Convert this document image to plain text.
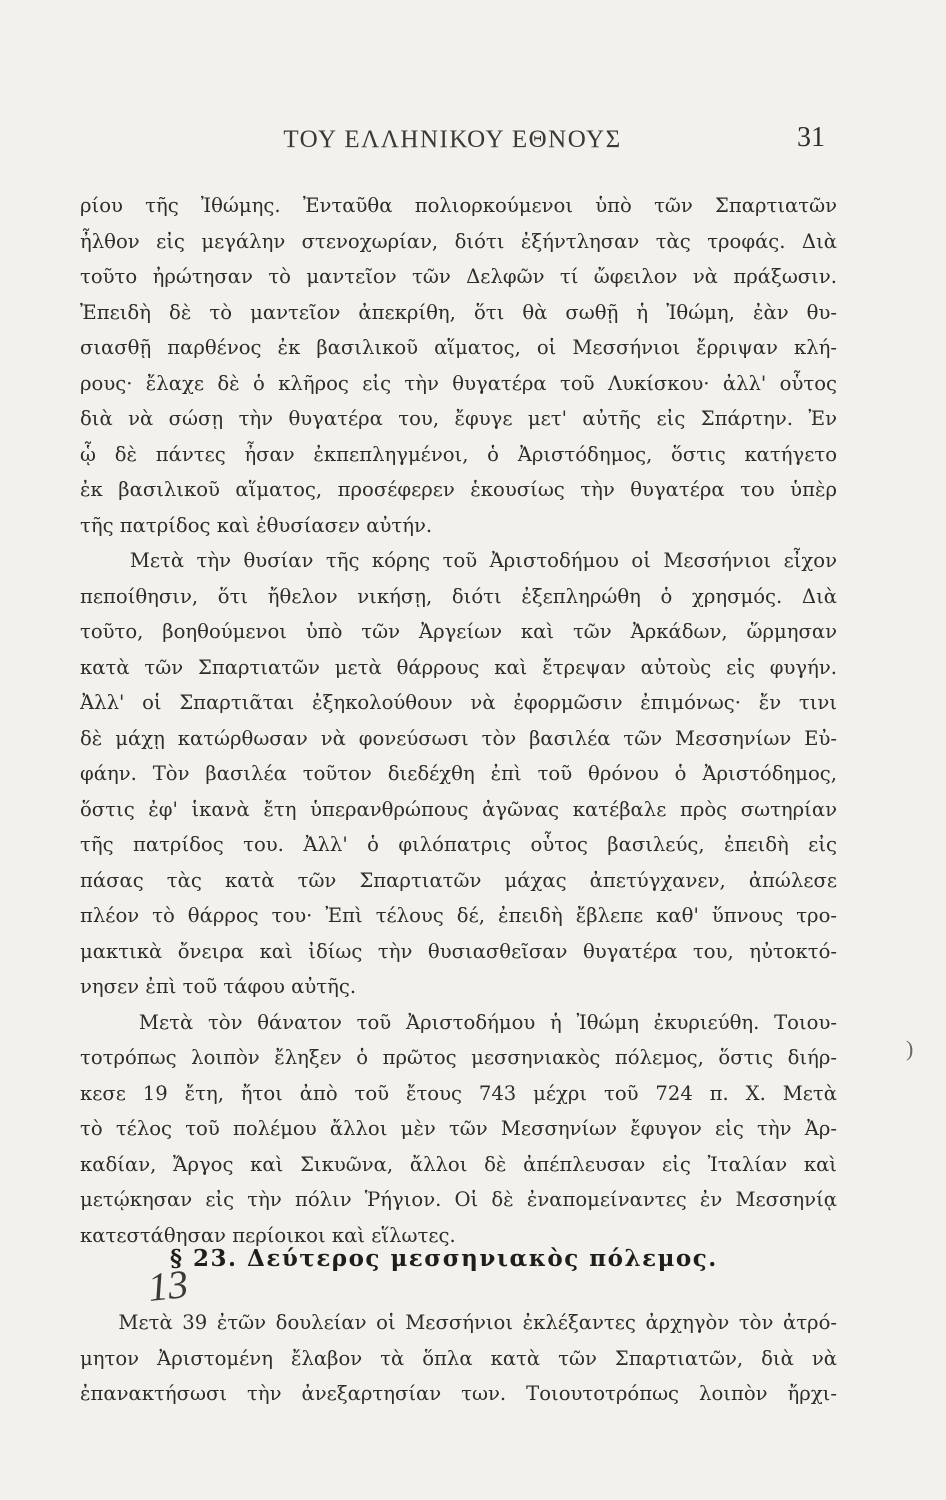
ΤΟΥ ΕΛΛΗΝΙΚΟΥ ΕΘΝΟΥΣ	31
ρίου τῆς Ἰθώμης. Ἐνταῦθα πολιορκούμενοι ὑπὸ τῶν Σπαρτιατῶν
ἦλθον εἰς μεγάλην στενοχωρίαν, διότι ἐξήντλησαν τὰς τροφάς. Διὰ
τοῦτο ἠρώτησαν τὸ μαντεῖον τῶν Δελφῶν τί ὤφειλον νὰ πράξωσιν.
Ἐπειδὴ δὲ τὸ μαντεῖον ἀπεκρίθη, ὅτι θὰ σωθῇ ἡ Ἰθώμη, ἐὰν θυ-
σιασθῇ παρθένος ἐκ βασιλικοῦ αἵματος, οἱ Μεσσήνιοι ἔρριψαν κλή-
ρους· ἔλαχε δὲ ὁ κλῆρος εἰς τὴν θυγατέρα τοῦ Λυκίσκου· ἀλλ' οὗτος
διὰ νὰ σώσῃ τὴν θυγατέρα του, ἔφυγε μετ' αὐτῆς εἰς Σπάρτην. Ἐν
ᾧ δὲ πάντες ἦσαν ἐκπεπληγμένοι, ὁ Ἀριστόδημος, ὅστις κατήγετο
ἐκ βασιλικοῦ αἵματος, προσέφερεν ἑκουσίως τὴν θυγατέρα του ὑπὲρ
τῆς πατρίδος καὶ ἐθυσίασεν αὐτήν.
Μετὰ τὴν θυσίαν τῆς κόρης τοῦ Ἀριστοδήμου οἱ Μεσσήνιοι εἶχον
πεποίθησιν, ὅτι ἤθελον νικήσῃ, διότι ἐξεπληρώθη ὁ χρησμός. Διὰ
τοῦτο, βοηθούμενοι ὑπὸ τῶν Ἀργείων καὶ τῶν Ἀρκάδων, ὥρμησαν
κατὰ τῶν Σπαρτιατῶν μετὰ θάρρους καὶ ἔτρεψαν αὐτοὺς εἰς φυγήν.
Ἀλλ' οἱ Σπαρτιᾶται ἐξηκολούθουν νὰ ἐφορμῶσιν ἐπιμόνως· ἔν τινι
δὲ μάχῃ κατώρθωσαν νὰ φονεύσωσι τὸν βασιλέα τῶν Μεσσηνίων Εὐ-
φάην. Τὸν βασιλέα τοῦτον διεδέχθη ἐπὶ τοῦ θρόνου ὁ Ἀριστόδημος,
ὅστις ἐφ' ἱκανὰ ἔτη ὑπερανθρώπους ἀγῶνας κατέβαλε πρὸς σωτηρίαν
τῆς πατρίδος του. Ἀλλ' ὁ φιλόπατρις οὗτος βασιλεύς, ἐπειδὴ εἰς
πάσας τὰς κατὰ τῶν Σπαρτιατῶν μάχας ἀπετύγχανεν, ἀπώλεσε
πλέον τὸ θάρρος του· Ἐπὶ τέλους δέ, ἐπειδὴ ἔβλεπε καθ' ὕπνους τρο-
μακτικὰ ὄνειρα καὶ ἰδίως τὴν θυσιασθεῖσαν θυγατέρα του, ηὐτοκτό-
νησεν ἐπὶ τοῦ τάφου αὐτῆς.
Μετὰ τὸν θάνατον τοῦ Ἀριστοδήμου ἡ Ἰθώμη ἐκυριεύθη. Τοιου-
τοτρόπως λοιπὸν ἔληξεν ὁ πρῶτος μεσσηνιακὸς πόλεμος, ὅστις διήρ-
κεσε 19 ἔτη, ἤτοι ἀπὸ τοῦ ἔτους 743 μέχρι τοῦ 724 π. Χ. Μετὰ
τὸ τέλος τοῦ πολέμου ἄλλοι μὲν τῶν Μεσσηνίων ἔφυγον εἰς τὴν Ἀρ-
καδίαν, Ἄργος καὶ Σικυῶνα, ἄλλοι δὲ ἀπέπλευσαν εἰς Ἰταλίαν καὶ
μετῴκησαν εἰς τὴν πόλιν Ῥήγιον. Οἱ δὲ ἐναπομείναντες ἐν Μεσσηνίᾳ
κατεστάθησαν περίοικοι καὶ εἵλωτες.
)
13
§ 23. Δεύτερος μεσσηνιακὸς πόλεμος.
Μετὰ 39 ἐτῶν δουλείαν οἱ Μεσσήνιοι ἐκλέξαντες ἀρχηγὸν τὸν ἀτρό-
μητον Ἀριστομένη ἔλαβον τὰ ὅπλα κατὰ τῶν Σπαρτιατῶν, διὰ νὰ
ἐπανακτήσωσι τὴν ἀνεξαρτησίαν των. Τοιουτοτρόπως λοιπὸν ἤρχι-
